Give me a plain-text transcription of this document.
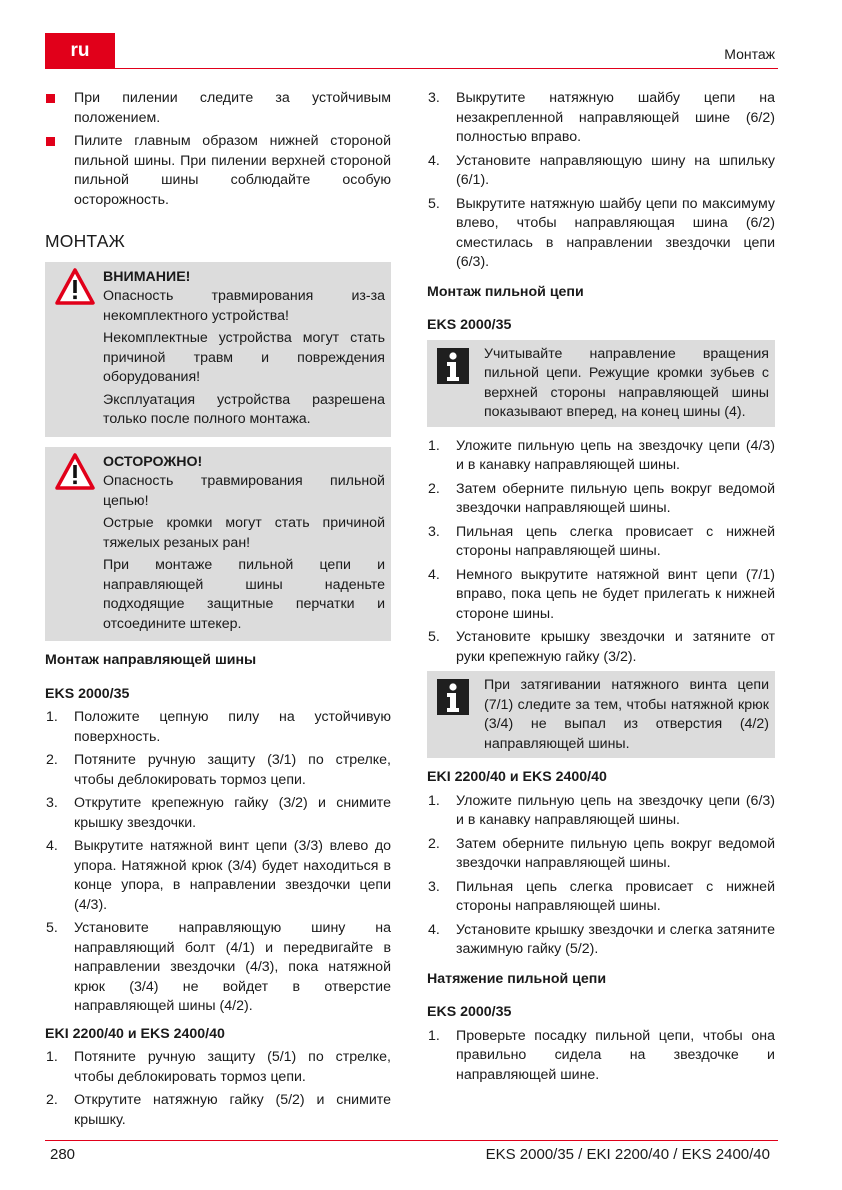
ru	Монтаж
При пилении следите за устойчивым положением.
Пилите главным образом нижней стороной пильной шины. При пилении верхней стороной пильной шины соблюдайте особую осторожность.
МОНТАЖ
ВНИМАНИЕ!

Опасность травмирования из-за некомплектного устройства!

Некомплектные устройства могут стать причиной травм и повреждения оборудования!

Эксплуатация устройства разрешена только после полного монтажа.

ОСТОРОЖНО!

Опасность травмирования пильной цепью!

Острые кромки могут стать причиной тяжелых резаных ран!

При монтаже пильной цепи и направляющей шины наденьте подходящие защитные перчатки и отсоедините штекер.

Монтаж направляющей шины
EKS 2000/35
1. Положите цепную пилу на устойчивую поверхность.
2. Потяните ручную защиту (3/1) по стрелке, чтобы деблокировать тормоз цепи.
3. Открутите крепежную гайку (3/2) и снимите крышку звездочки.
4. Выкрутите натяжной винт цепи (3/3) влево до упора. Натяжной крюк (3/4) будет находиться в конце упора, в направлении звездочки цепи (4/3).
5. Установите направляющую шину на направляющий болт (4/1) и передвигайте в направлении звездочки (4/3), пока натяжной крюк (3/4) не войдет в отверстие направляющей шины (4/2).
EKI 2200/40 и EKS 2400/40
1. Потяните ручную защиту (5/1) по стрелке, чтобы деблокировать тормоз цепи.
2. Открутите натяжную гайку (5/2) и снимите крышку.
3. Выкрутите натяжную шайбу цепи на незакрепленной направляющей шине (6/2) полностью вправо.
4. Установите направляющую шину на шпильку (6/1).
5. Выкрутите натяжную шайбу цепи по максимуму влево, чтобы направляющая шина (6/2) сместилась в направлении звездочки цепи (6/3).
Монтаж пильной цепи
EKS 2000/35

Учитывайте направление вращения пильной цепи. Режущие кромки зубьев с верхней стороны направляющей шины показывают вперед, на конец шины (4).

1. Уложите пильную цепь на звездочку цепи (4/3) и в канавку направляющей шины.
2. Затем оберните пильную цепь вокруг ведомой звездочки направляющей шины.
3. Пильная цепь слегка провисает с нижней стороны направляющей шины.
4. Немного выкрутите натяжной винт цепи (7/1) вправо, пока цепь не будет прилегать к нижней стороне шины.
5. Установите крышку звездочки и затяните от руки крепежную гайку (3/2).

При затягивании натяжного винта цепи (7/1) следите за тем, чтобы натяжной крюк (3/4) не выпал из отверстия (4/2) направляющей шины.

EKI 2200/40 и EKS 2400/40
1. Уложите пильную цепь на звездочку цепи (6/3) и в канавку направляющей шины.
2. Затем оберните пильную цепь вокруг ведомой звездочки направляющей шины.
3. Пильная цепь слегка провисает с нижней стороны направляющей шины.
4. Установите крышку звездочки и слегка затяните зажимную гайку (5/2).
Натяжение пильной цепи
EKS 2000/35
1. Проверьте посадку пильной цепи, чтобы она правильно сидела на звездочке и направляющей шине.
280	EKS 2000/35 / EKI 2200/40 / EKS 2400/40
